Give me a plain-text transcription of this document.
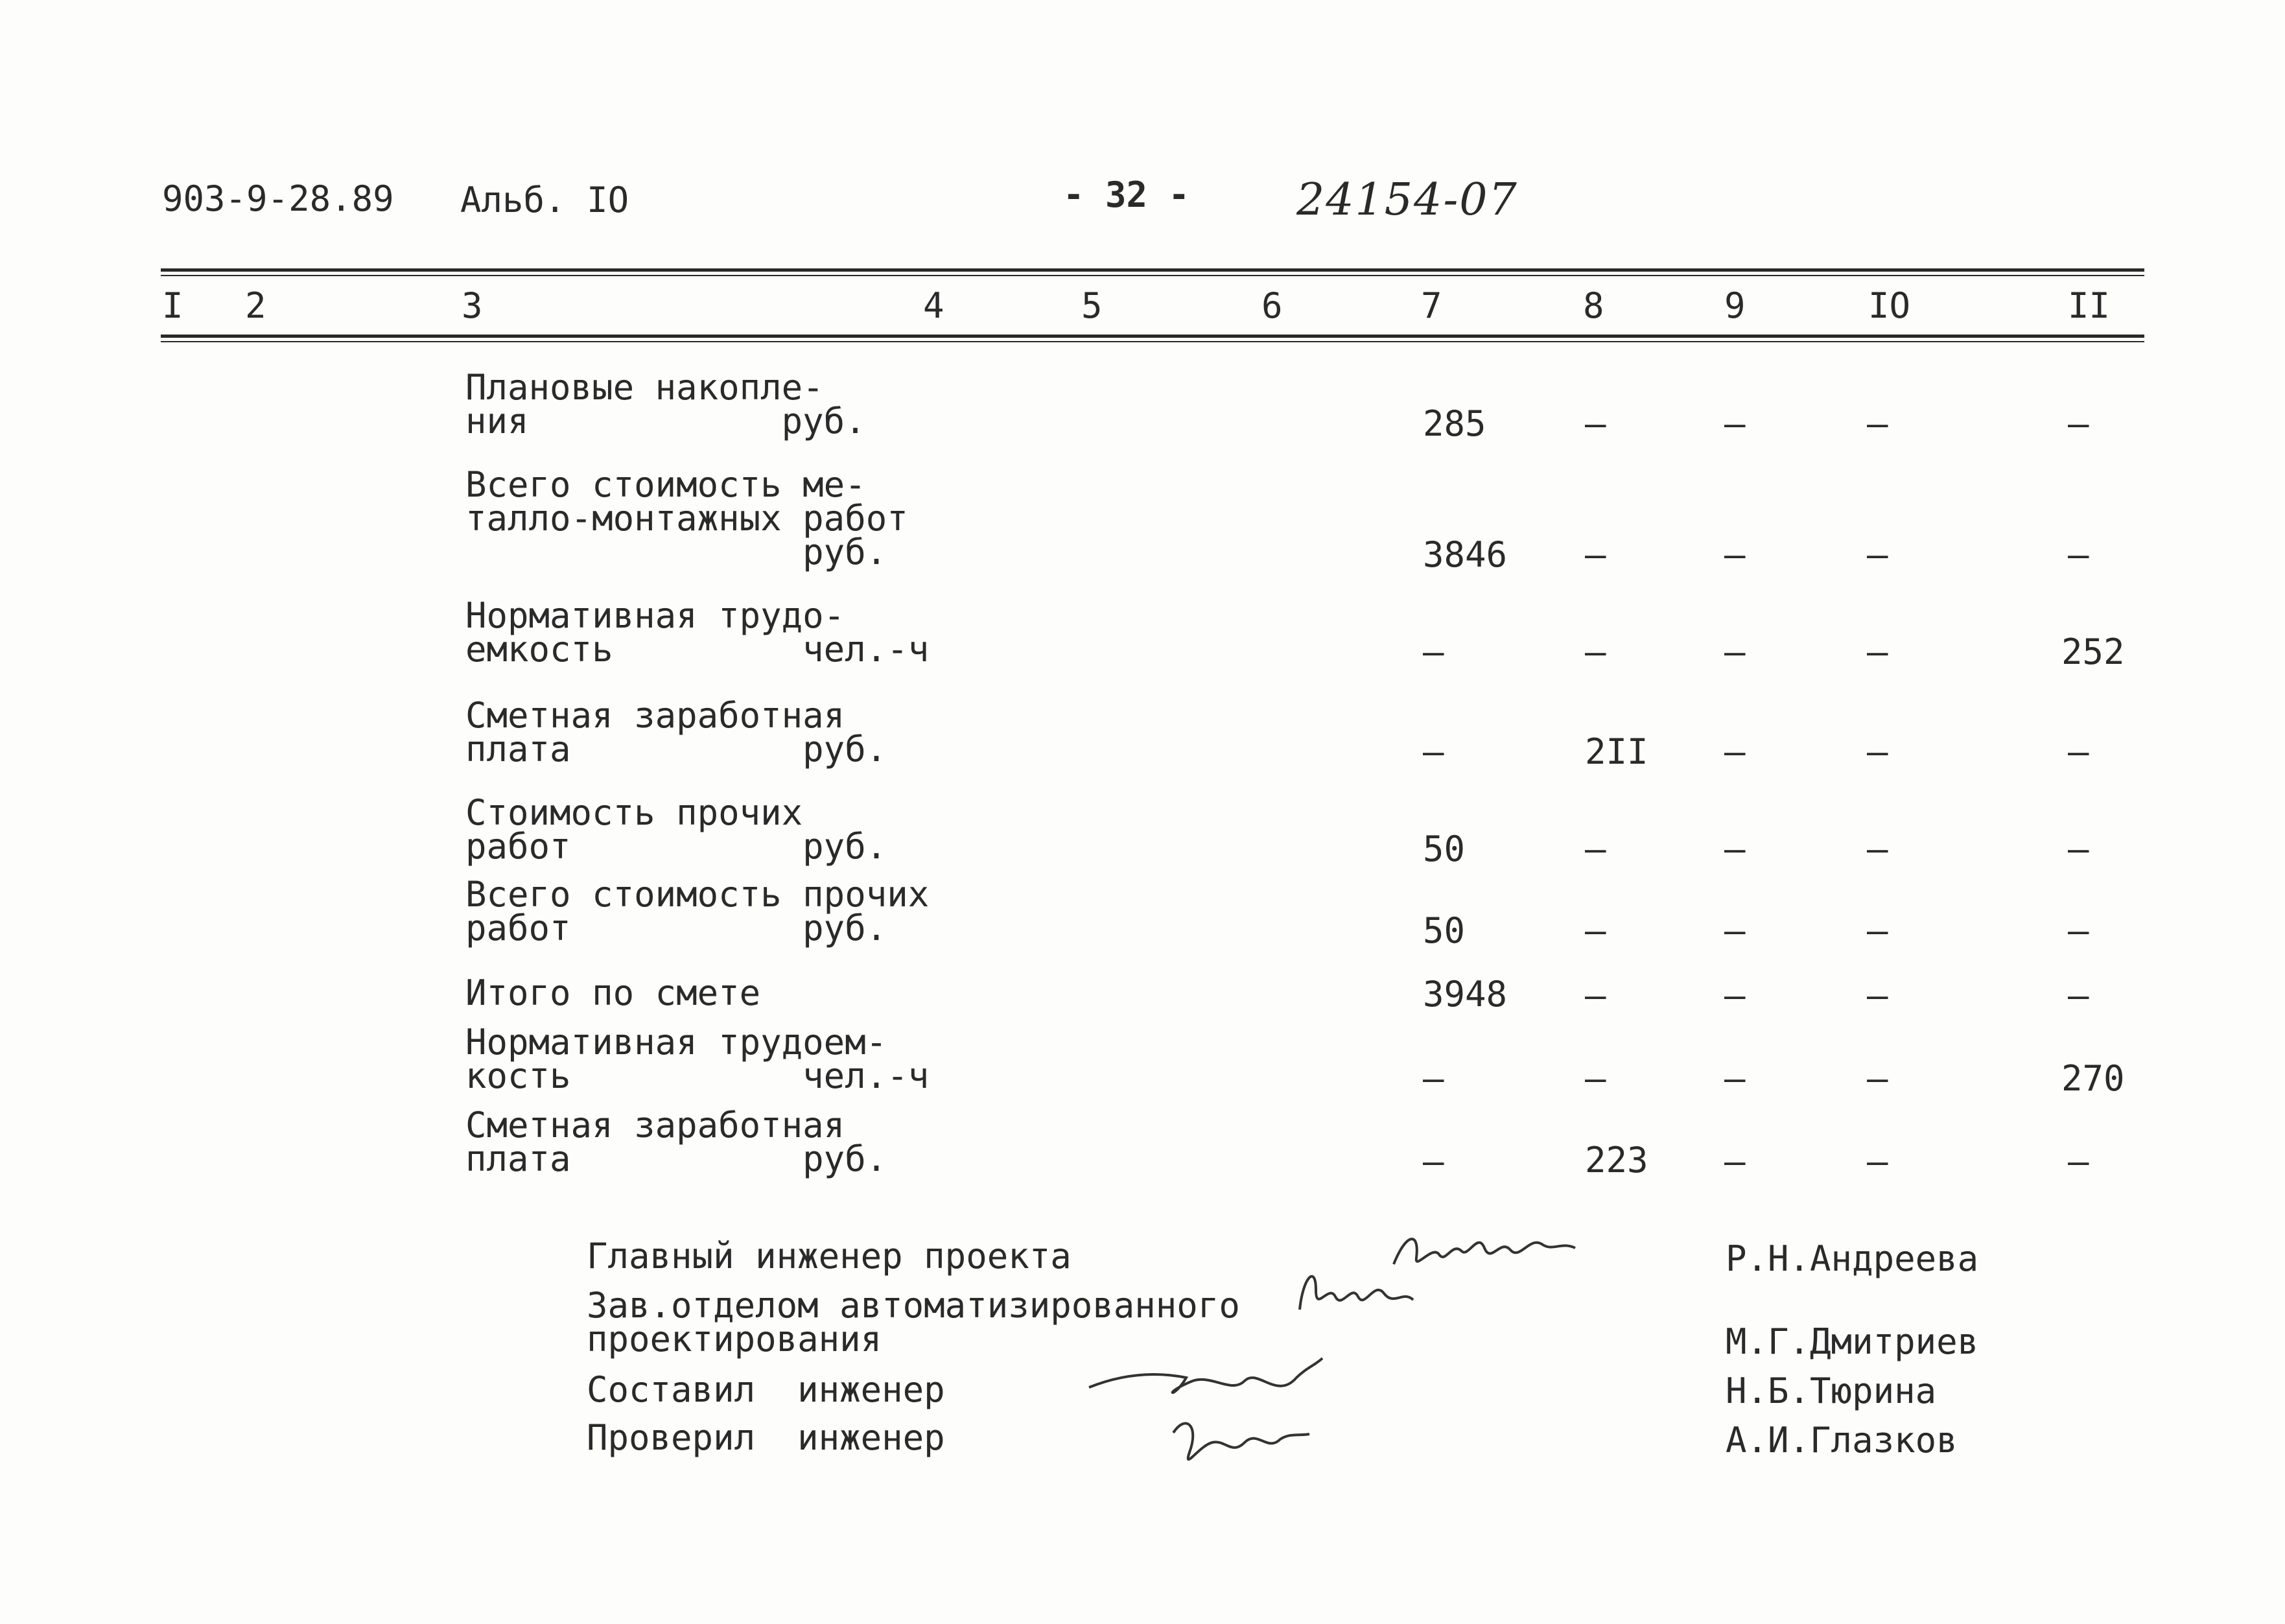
903-9-28.89 Альб. IO	- 32 - 24154-07
I 2	3	4	5	6	7	8	9	IO	II
Плановые накопле-
ния            руб.	285	–	–	–	–
Всего стоимость ме-
талло-монтажных работ
руб.	3846 –	–	–	–
Нормативная трудо-
емкость         чел.-ч	–	–	–	–	252
Сметная заработная
плата           руб.	–	2II –	–	–
Стоимость прочих
работ           руб.	50	–	–	–	–
Всего стоимость прочих
работ           руб.	50	–	–	–	–
Итого по смете	3948 –	–	–	–
Нормативная трудоем-
кость           чел.-ч	–	–	–	–	270
Сметная заработная
плата           руб.	–	223 –	–	–
Главный инженер проекта	Р.Н.Андреева
Зав.отделом автоматизированного
проектирования	М.Г.Дмитриев
Составил  инженер	Н.Б.Тюрина
Проверил  инженер	А.И.Глазков
